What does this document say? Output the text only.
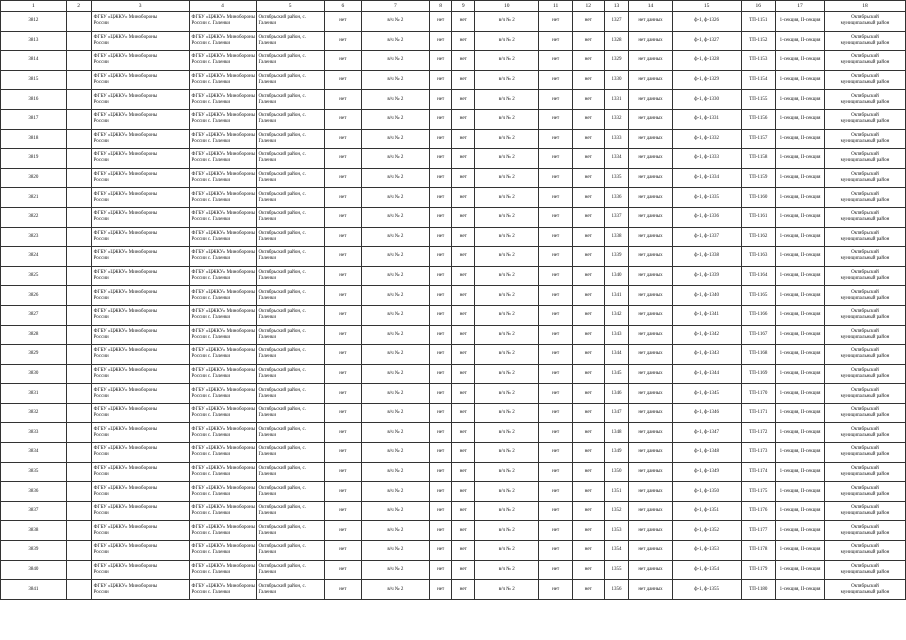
1	2	3	4	5	6	7	8	9	10	11	12	13	14	15	16	17	18
3812		ФГБУ «ЦЖКУ» Минобороны
России	ФГБУ «ЦЖКУ» Минобороны
России с. Галенки	Октябрьский район, с.
Галенки	нет	в/ч № 2	нет	нет	в/ч № 2	нет	нет	1327	нет данных	ф-1, ф-1326	ТП-1151	1-секция, II-секция	Октябрьский
муниципальный район

3813		ФГБУ «ЦЖКУ» Минобороны
России	ФГБУ «ЦЖКУ» Минобороны
России с. Галенки	Октябрьский район, с.
Галенки	нет	в/ч № 2	нет	нет	в/ч № 2	нет	нет	1328	нет данных	ф-1, ф-1327	ТП-1152	1-секция, II-секция	Октябрьский
муниципальный район

3814		ФГБУ «ЦЖКУ» Минобороны
России	ФГБУ «ЦЖКУ» Минобороны
России с. Галенки	Октябрьский район, с.
Галенки	нет	в/ч № 2	нет	нет	в/ч № 2	нет	нет	1329	нет данных	ф-1, ф-1328	ТП-1153	1-секция, II-секция	Октябрьский
муниципальный район

3815		ФГБУ «ЦЖКУ» Минобороны
России	ФГБУ «ЦЖКУ» Минобороны
России с. Галенки	Октябрьский район, с.
Галенки	нет	в/ч № 2	нет	нет	в/ч № 2	нет	нет	1330	нет данных	ф-1, ф-1329	ТП-1154	1-секция, II-секция	Октябрьский
муниципальный район

3816		ФГБУ «ЦЖКУ» Минобороны
России	ФГБУ «ЦЖКУ» Минобороны
России с. Галенки	Октябрьский район, с.
Галенки	нет	в/ч № 2	нет	нет	в/ч № 2	нет	нет	1331	нет данных	ф-1, ф-1330	ТП-1155	1-секция, II-секция	Октябрьский
муниципальный район

3817		ФГБУ «ЦЖКУ» Минобороны
России	ФГБУ «ЦЖКУ» Минобороны
России с. Галенки	Октябрьский район, с.
Галенки	нет	в/ч № 2	нет	нет	в/ч № 2	нет	нет	1332	нет данных	ф-1, ф-1331	ТП-1156	1-секция, II-секция	Октябрьский
муниципальный район

3818		ФГБУ «ЦЖКУ» Минобороны
России	ФГБУ «ЦЖКУ» Минобороны
России с. Галенки	Октябрьский район, с.
Галенки	нет	в/ч № 2	нет	нет	в/ч № 2	нет	нет	1333	нет данных	ф-1, ф-1332	ТП-1157	1-секция, II-секция	Октябрьский
муниципальный район

3819		ФГБУ «ЦЖКУ» Минобороны
России	ФГБУ «ЦЖКУ» Минобороны
России с. Галенки	Октябрьский район, с.
Галенки	нет	в/ч № 2	нет	нет	в/ч № 2	нет	нет	1334	нет данных	ф-1, ф-1333	ТП-1158	1-секция, II-секция	Октябрьский
муниципальный район

3820		ФГБУ «ЦЖКУ» Минобороны
России	ФГБУ «ЦЖКУ» Минобороны
России с. Галенки	Октябрьский район, с.
Галенки	нет	в/ч № 2	нет	нет	в/ч № 2	нет	нет	1335	нет данных	ф-1, ф-1334	ТП-1159	1-секция, II-секция	Октябрьский
муниципальный район

3821		ФГБУ «ЦЖКУ» Минобороны
России	ФГБУ «ЦЖКУ» Минобороны
России с. Галенки	Октябрьский район, с.
Галенки	нет	в/ч № 2	нет	нет	в/ч № 2	нет	нет	1336	нет данных	ф-1, ф-1335	ТП-1160	1-секция, II-секция	Октябрьский
муниципальный район

3822		ФГБУ «ЦЖКУ» Минобороны
России	ФГБУ «ЦЖКУ» Минобороны
России с. Галенки	Октябрьский район, с.
Галенки	нет	в/ч № 2	нет	нет	в/ч № 2	нет	нет	1337	нет данных	ф-1, ф-1336	ТП-1161	1-секция, II-секция	Октябрьский
муниципальный район

3823		ФГБУ «ЦЖКУ» Минобороны
России	ФГБУ «ЦЖКУ» Минобороны
России с. Галенки	Октябрьский район, с.
Галенки	нет	в/ч № 2	нет	нет	в/ч № 2	нет	нет	1338	нет данных	ф-1, ф-1337	ТП-1162	1-секция, II-секция	Октябрьский
муниципальный район

3824		ФГБУ «ЦЖКУ» Минобороны
России	ФГБУ «ЦЖКУ» Минобороны
России с. Галенки	Октябрьский район, с.
Галенки	нет	в/ч № 2	нет	нет	в/ч № 2	нет	нет	1339	нет данных	ф-1, ф-1338	ТП-1163	1-секция, II-секция	Октябрьский
муниципальный район

3825		ФГБУ «ЦЖКУ» Минобороны
России	ФГБУ «ЦЖКУ» Минобороны
России с. Галенки	Октябрьский район, с.
Галенки	нет	в/ч № 2	нет	нет	в/ч № 2	нет	нет	1340	нет данных	ф-1, ф-1339	ТП-1164	1-секция, II-секция	Октябрьский
муниципальный район

3826		ФГБУ «ЦЖКУ» Минобороны
России	ФГБУ «ЦЖКУ» Минобороны
России с. Галенки	Октябрьский район, с.
Галенки	нет	в/ч № 2	нет	нет	в/ч № 2	нет	нет	1341	нет данных	ф-1, ф-1340	ТП-1165	1-секция, II-секция	Октябрьский
муниципальный район

3827		ФГБУ «ЦЖКУ» Минобороны
России	ФГБУ «ЦЖКУ» Минобороны
России с. Галенки	Октябрьский район, с.
Галенки	нет	в/ч № 2	нет	нет	в/ч № 2	нет	нет	1342	нет данных	ф-1, ф-1341	ТП-1166	1-секция, II-секция	Октябрьский
муниципальный район

3828		ФГБУ «ЦЖКУ» Минобороны
России	ФГБУ «ЦЖКУ» Минобороны
России с. Галенки	Октябрьский район, с.
Галенки	нет	в/ч № 2	нет	нет	в/ч № 2	нет	нет	1343	нет данных	ф-1, ф-1342	ТП-1167	1-секция, II-секция	Октябрьский
муниципальный район

3829		ФГБУ «ЦЖКУ» Минобороны
России	ФГБУ «ЦЖКУ» Минобороны
России с. Галенки	Октябрьский район, с.
Галенки	нет	в/ч № 2	нет	нет	в/ч № 2	нет	нет	1344	нет данных	ф-1, ф-1343	ТП-1168	1-секция, II-секция	Октябрьский
муниципальный район

3830		ФГБУ «ЦЖКУ» Минобороны
России	ФГБУ «ЦЖКУ» Минобороны
России с. Галенки	Октябрьский район, с.
Галенки	нет	в/ч № 2	нет	нет	в/ч № 2	нет	нет	1345	нет данных	ф-1, ф-1344	ТП-1169	1-секция, II-секция	Октябрьский
муниципальный район

3831		ФГБУ «ЦЖКУ» Минобороны
России	ФГБУ «ЦЖКУ» Минобороны
России с. Галенки	Октябрьский район, с.
Галенки	нет	в/ч № 2	нет	нет	в/ч № 2	нет	нет	1346	нет данных	ф-1, ф-1345	ТП-1170	1-секция, II-секция	Октябрьский
муниципальный район

3832		ФГБУ «ЦЖКУ» Минобороны
России	ФГБУ «ЦЖКУ» Минобороны
России с. Галенки	Октябрьский район, с.
Галенки	нет	в/ч № 2	нет	нет	в/ч № 2	нет	нет	1347	нет данных	ф-1, ф-1346	ТП-1171	1-секция, II-секция	Октябрьский
муниципальный район

3833		ФГБУ «ЦЖКУ» Минобороны
России	ФГБУ «ЦЖКУ» Минобороны
России с. Галенки	Октябрьский район, с.
Галенки	нет	в/ч № 2	нет	нет	в/ч № 2	нет	нет	1348	нет данных	ф-1, ф-1347	ТП-1172	1-секция, II-секция	Октябрьский
муниципальный район

3834		ФГБУ «ЦЖКУ» Минобороны
России	ФГБУ «ЦЖКУ» Минобороны
России с. Галенки	Октябрьский район, с.
Галенки	нет	в/ч № 2	нет	нет	в/ч № 2	нет	нет	1349	нет данных	ф-1, ф-1348	ТП-1173	1-секция, II-секция	Октябрьский
муниципальный район

3835		ФГБУ «ЦЖКУ» Минобороны
России	ФГБУ «ЦЖКУ» Минобороны
России с. Галенки	Октябрьский район, с.
Галенки	нет	в/ч № 2	нет	нет	в/ч № 2	нет	нет	1350	нет данных	ф-1, ф-1349	ТП-1174	1-секция, II-секция	Октябрьский
муниципальный район

3836		ФГБУ «ЦЖКУ» Минобороны
России	ФГБУ «ЦЖКУ» Минобороны
России с. Галенки	Октябрьский район, с.
Галенки	нет	в/ч № 2	нет	нет	в/ч № 2	нет	нет	1351	нет данных	ф-1, ф-1350	ТП-1175	1-секция, II-секция	Октябрьский
муниципальный район

3837		ФГБУ «ЦЖКУ» Минобороны
России	ФГБУ «ЦЖКУ» Минобороны
России с. Галенки	Октябрьский район, с.
Галенки	нет	в/ч № 2	нет	нет	в/ч № 2	нет	нет	1352	нет данных	ф-1, ф-1351	ТП-1176	1-секция, II-секция	Октябрьский
муниципальный район

3838		ФГБУ «ЦЖКУ» Минобороны
России	ФГБУ «ЦЖКУ» Минобороны
России с. Галенки	Октябрьский район, с.
Галенки	нет	в/ч № 2	нет	нет	в/ч № 2	нет	нет	1353	нет данных	ф-1, ф-1352	ТП-1177	1-секция, II-секция	Октябрьский
муниципальный район

3839		ФГБУ «ЦЖКУ» Минобороны
России	ФГБУ «ЦЖКУ» Минобороны
России с. Галенки	Октябрьский район, с.
Галенки	нет	в/ч № 2	нет	нет	в/ч № 2	нет	нет	1354	нет данных	ф-1, ф-1353	ТП-1178	1-секция, II-секция	Октябрьский
муниципальный район

3840		ФГБУ «ЦЖКУ» Минобороны
России	ФГБУ «ЦЖКУ» Минобороны
России с. Галенки	Октябрьский район, с.
Галенки	нет	в/ч № 2	нет	нет	в/ч № 2	нет	нет	1355	нет данных	ф-1, ф-1354	ТП-1179	1-секция, II-секция	Октябрьский
муниципальный район

3841		ФГБУ «ЦЖКУ» Минобороны
России	ФГБУ «ЦЖКУ» Минобороны
России с. Галенки	Октябрьский район, с.
Галенки	нет	в/ч № 2	нет	нет	в/ч № 2	нет	нет	1356	нет данных	ф-1, ф-1355	ТП-1180	1-секция, II-секция	Октябрьский
муниципальный район
